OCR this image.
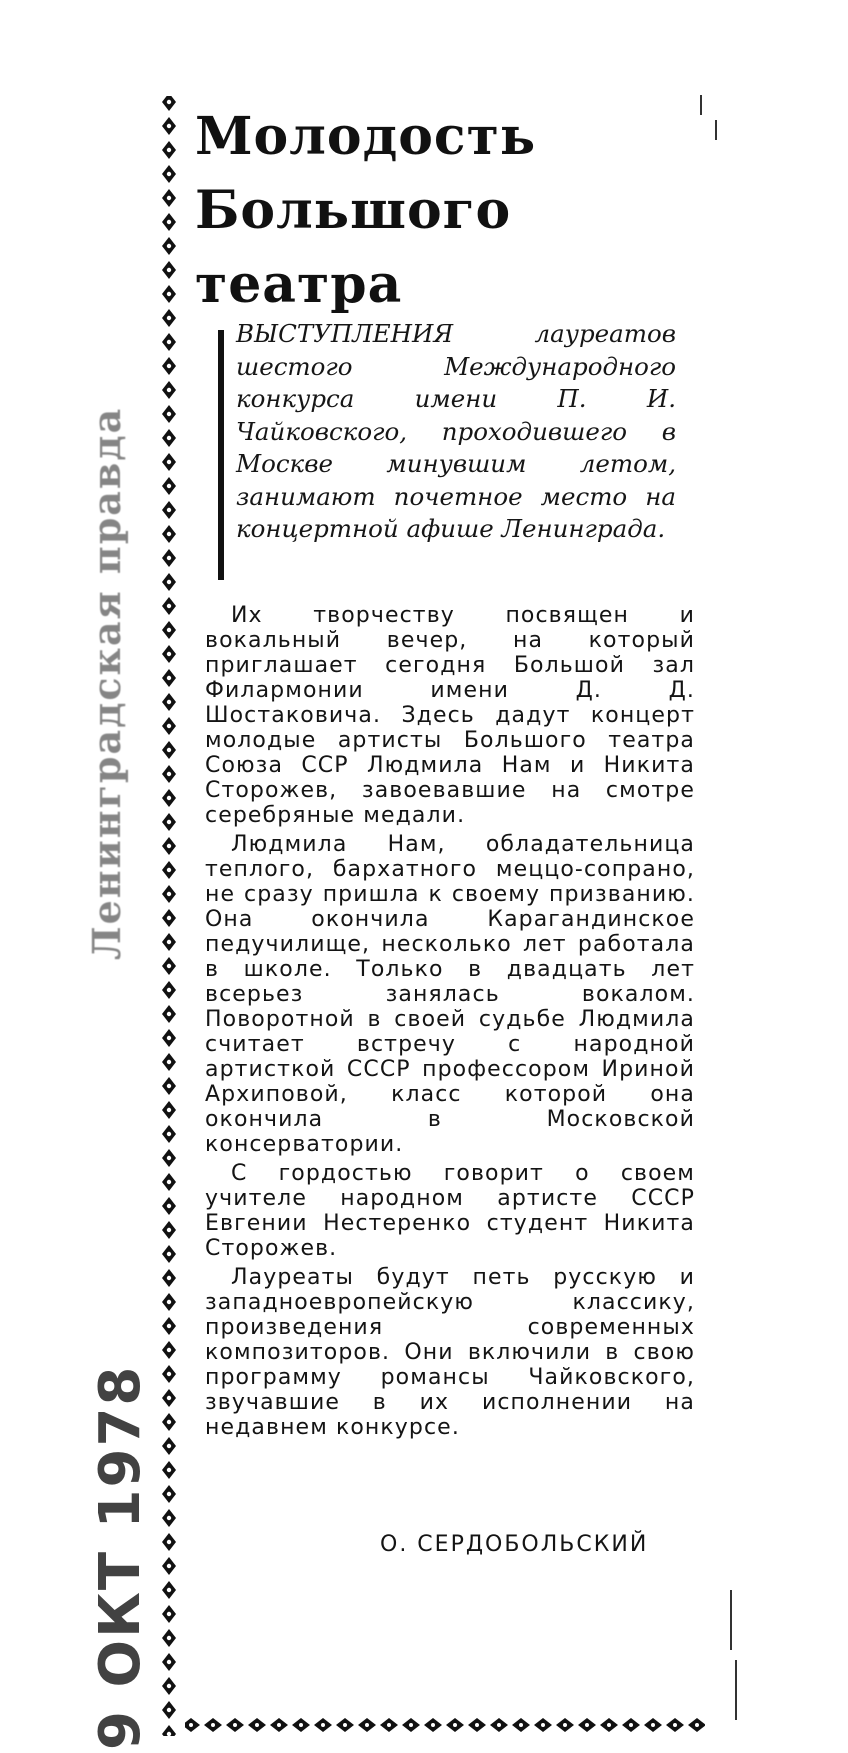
Ленинградская правда
9 ОКТ 1978
Молодость
Большого
театра
ВЫСТУПЛЕНИЯ лауреатов шестого Международного конкурса имени П. И. Чайковского, проходившего в Москве минувшим летом, занимают почетное место на концертной афише Ленинграда.

Их творчеству посвящен и вокальный вечер, на который приглашает сегодня Большой зал Филармонии имени Д. Д. Шостаковича. Здесь дадут концерт молодые артисты Большого театра Союза ССР Людмила Нам и Никита Сторожев, завоевавшие на смотре серебряные медали.

Людмила Нам, обладательница теплого, бархатного меццо-сопрано, не сразу пришла к своему призванию. Она окончила Карагандинское педучилище, несколько лет работала в школе. Только в двадцать лет всерьез занялась вокалом. Поворотной в своей судьбе Людмила считает встречу с народной артисткой СССР профессором Ириной Архиповой, класс которой она окончила в Московской консерватории.

С гордостью говорит о своем учителе народном артисте СССР Евгении Нестеренко студент Никита Сторожев.

Лауреаты будут петь русскую и западноевропейскую классику, произведения современных композиторов. Они включили в свою программу романсы Чайковского, звучавшие в их исполнении на недавнем конкурсе.

О. СЕРДОБОЛЬСКИЙ
